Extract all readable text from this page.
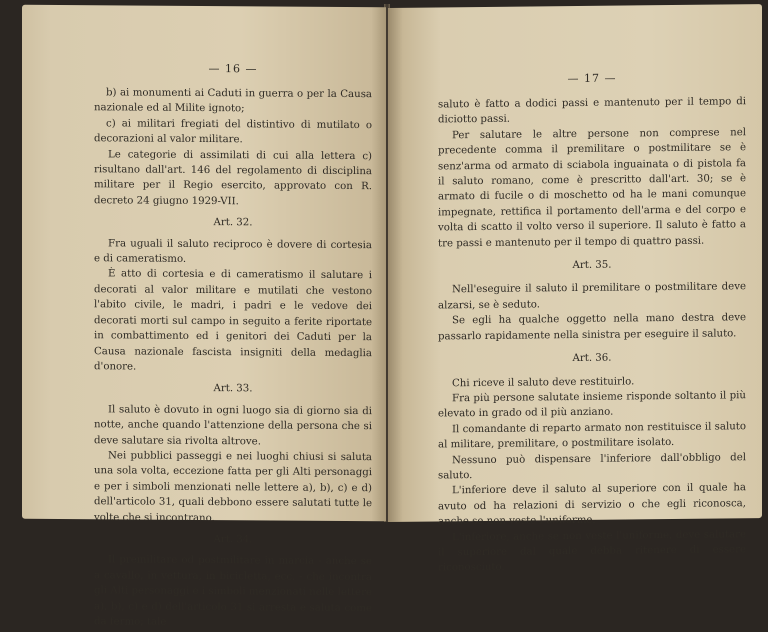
— 16 —

b) ai monumenti ai Caduti in guerra o per la Causa nazionale ed al Milite ignoto;

c) ai militari fregiati del distintivo di mutilato o decorazioni al valor militare.

Le categorie di assimilati di cui alla lettera c) risultano dall'art. 146 del regolamento di disciplina militare per il Regio esercito, approvato con R. decreto 24 giugno 1929-VII.

Art. 32.

Fra uguali il saluto reciproco è dovere di cortesia e di cameratismo.

È atto di cortesia e di cameratismo il salutare i decorati al valor militare e mutilati che vestono l'abito civile, le madri, i padri e le vedove dei decorati morti sul campo in seguito a ferite riportate in combattimento ed i genitori dei Caduti per la Causa nazionale fascista insigniti della medaglia d'onore.

Art. 33.

Il saluto è dovuto in ogni luogo sia di giorno sia di notte, anche quando l'attenzione della persona che si deve salutare sia rivolta altrove.

Nei pubblici passeggi e nei luoghi chiusi si saluta una sola volta, eccezione fatta per gli Alti personaggi e per i simboli menzionati nelle lettere a), b), c) e d) dell'articolo 31, quali debbono essere salutati tutte le volte che si incontrano.

Art. 34.

Il premilitare od postmilitare in marcia - anche se a cavallo, in vettura, in bicicletta, ecc. - che incontra gli Alti personaggi e i simboli menzionati nelle lettere a), b), c) e d) dell'articolo 31 si arresta e saluta come da fermo; tale

— 17 —

saluto è fatto a dodici passi e mantenuto per il tempo di diciotto passi.

Per salutare le altre persone non comprese nel precedente comma il premilitare o postmilitare se è senz'arma od armato di sciabola inguainata o di pistola fa il saluto romano, come è prescritto dall'art. 30; se è armato di fucile o di moschetto od ha le mani comunque impegnate, rettifica il portamento dell'arma e del corpo e volta di scatto il volto verso il superiore. Il saluto è fatto a tre passi e mantenuto per il tempo di quattro passi.

Art. 35.

Nell'eseguire il saluto il premilitare o postmilitare deve alzarsi, se è seduto.

Se egli ha qualche oggetto nella mano destra deve passarlo rapidamente nella sinistra per eseguire il saluto.

Art. 36.

Chi riceve il saluto deve restituirlo.

Fra più persone salutate insieme risponde soltanto il più elevato in grado od il più anziano.

Il comandante di reparto armato non restituisce il saluto al militare, premilitare, o postmilitare isolato.

Nessuno può dispensare l'inferiore dall'obbligo del saluto.

L'inferiore deve il saluto al superiore con il quale ha avuto od ha relazioni di servizio o che egli riconosca, anche se non veste l'uniforme.

L'inferiore, anche se non veste l'uniforme, deve salutare il superiore dal quale debba ritenere di essere riconosciuto.
